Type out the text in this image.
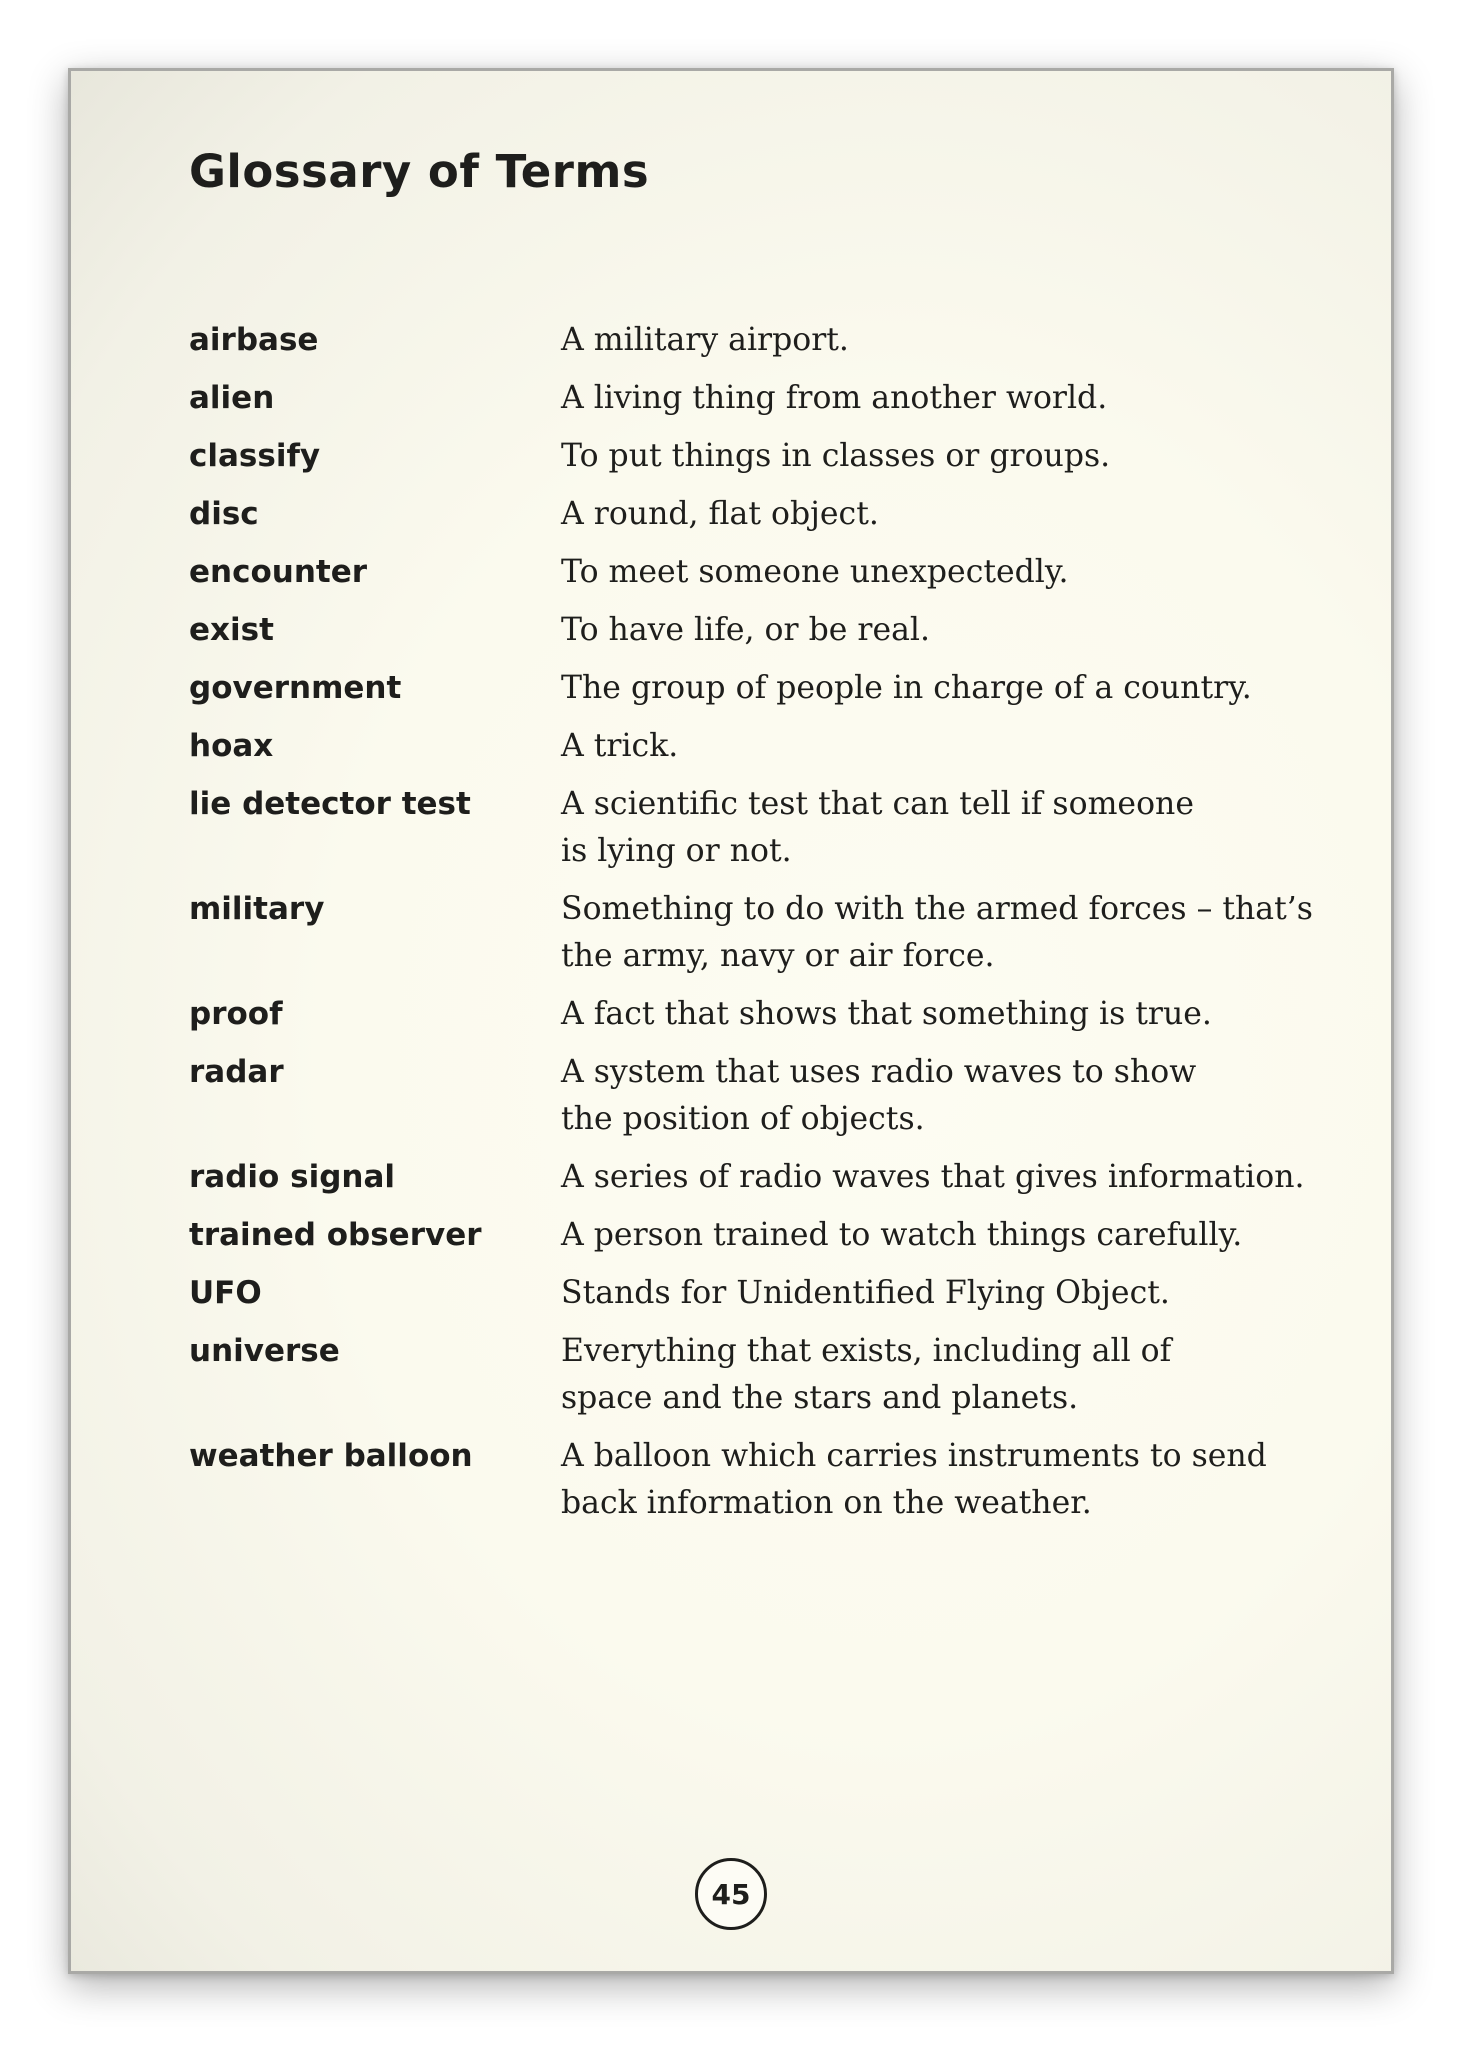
Glossary of Terms
airbase	A military airport.

alien	A living thing from another world.

classify	To put things in classes or groups.

disc	A round, flat object.

encounter	To meet someone unexpectedly.

exist	To have life, or be real.

government	The group of people in charge of a country.

hoax	A trick.

lie detector test	A scientific test that can tell if someone
is lying or not.

military	Something to do with the armed forces – that’s
the army, navy or air force.

proof	A fact that shows that something is true.

radar	A system that uses radio waves to show
the position of objects.

radio signal	A series of radio waves that gives information.

trained observer	A person trained to watch things carefully.

UFO	Stands for Unidentified Flying Object.

universe	Everything that exists, including all of
space and the stars and planets.

weather balloon	A balloon which carries instruments to send
back information on the weather.

45
